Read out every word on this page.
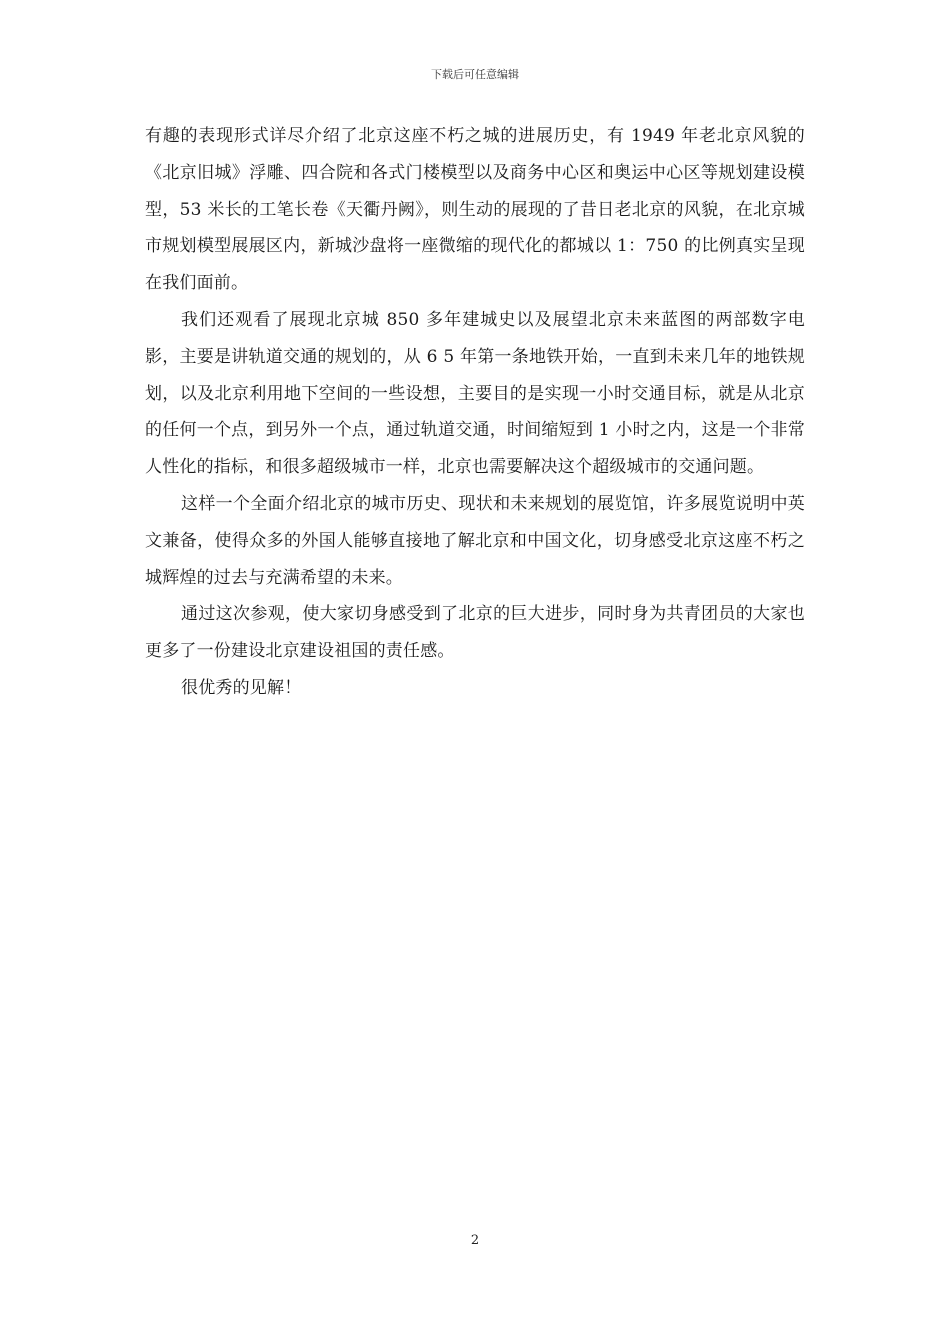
下载后可任意编辑

有趣的表现形式详尽介绍了北京这座不朽之城的进展历史，有 1949 年老北京风貌的《北京旧城》浮雕、四合院和各式门楼模型以及商务中心区和奥运中心区等规划建设模型，53 米长的工笔长卷《天衢丹阙》，则生动的展现的了昔日老北京的风貌，在北京城市规划模型展展区内，新城沙盘将一座微缩的现代化的都城以 1：750 的比例真实呈现在我们面前。

我们还观看了展现北京城 850 多年建城史以及展望北京未来蓝图的两部数字电影，主要是讲轨道交通的规划的，从 6 5 年第一条地铁开始，一直到未来几年的地铁规划，以及北京利用地下空间的一些设想，主要目的是实现一小时交通目标，就是从北京的任何一个点，到另外一个点，通过轨道交通，时间缩短到 1 小时之内，这是一个非常人性化的指标，和很多超级城市一样，北京也需要解决这个超级城市的交通问题。

这样一个全面介绍北京的城市历史、现状和未来规划的展览馆，许多展览说明中英文兼备，使得众多的外国人能够直接地了解北京和中国文化，切身感受北京这座不朽之城辉煌的过去与充满希望的未来。

通过这次参观，使大家切身感受到了北京的巨大进步，同时身为共青团员的大家也更多了一份建设北京建设祖国的责任感。

很优秀的见解！

2
